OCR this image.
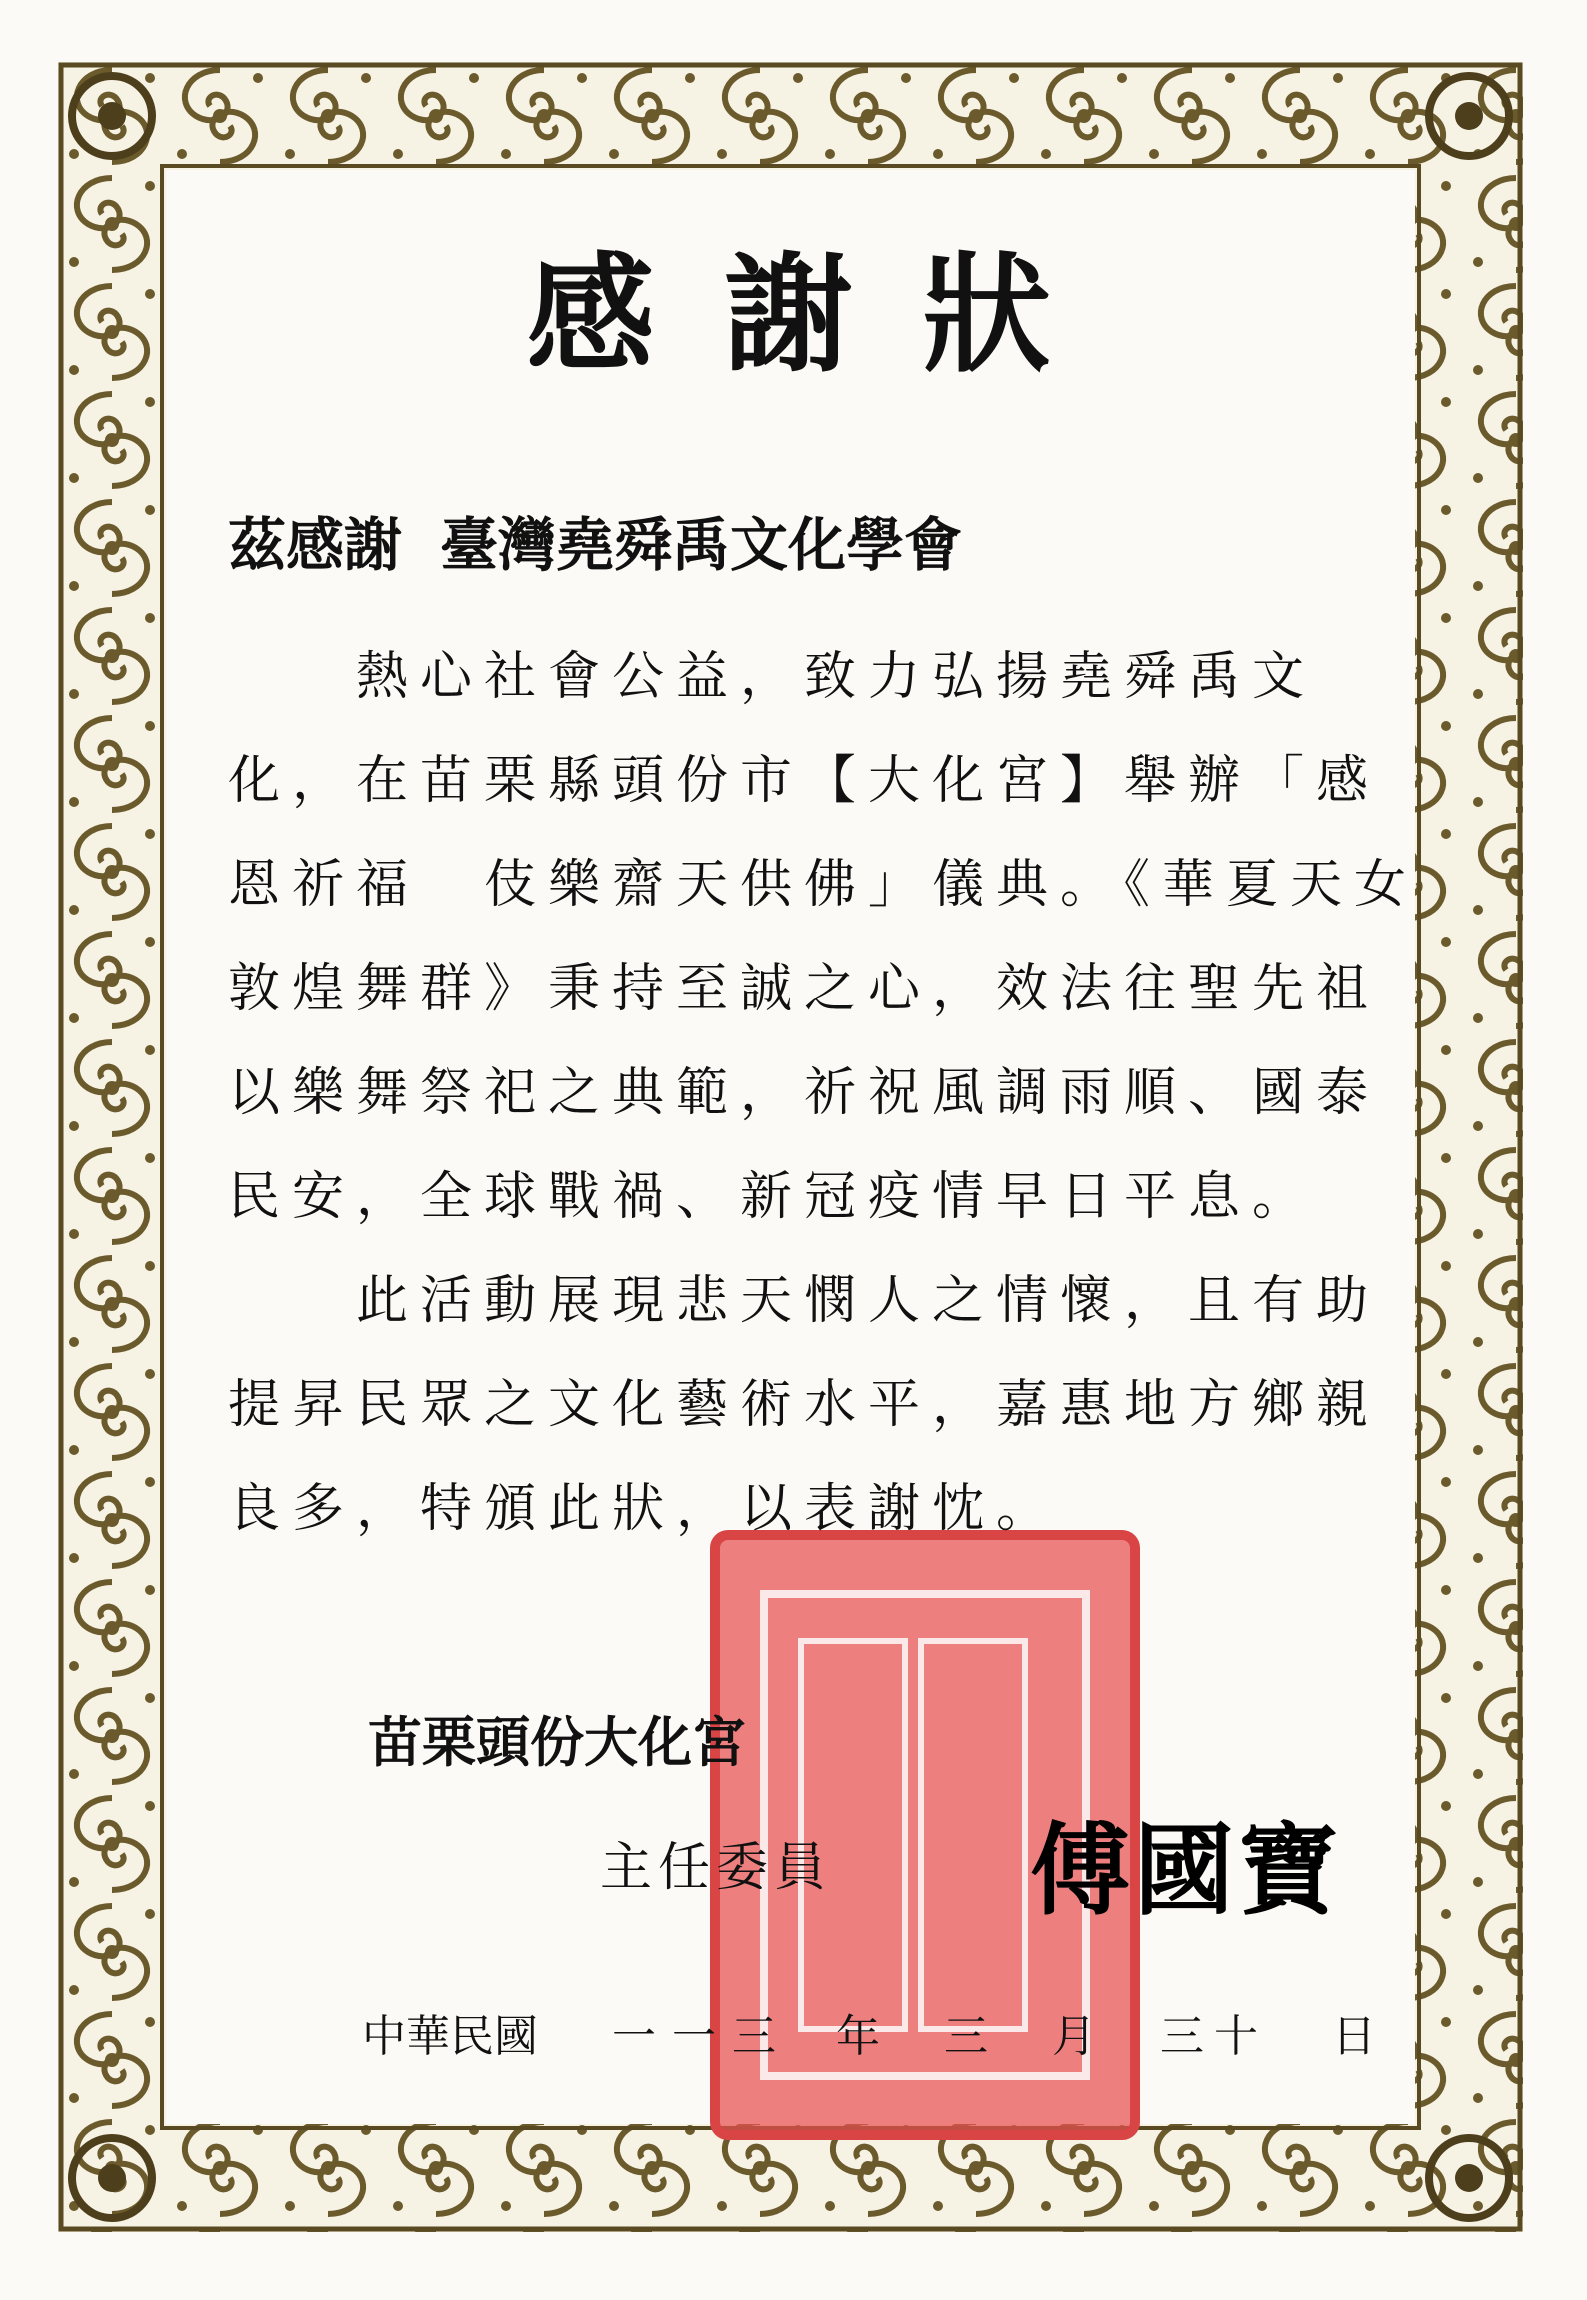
感謝狀
茲感謝 臺灣堯舜禹文化學會
　　熱心社會公益，致力弘揚堯舜禹文
化，在苗栗縣頭份市【大化宮】舉辦「感
恩祈福　伎樂齋天供佛」儀典。《華夏天女
敦煌舞群》秉持至誠之心，效法往聖先祖
以樂舞祭祀之典範，祈祝風調雨順、國泰
民安，全球戰禍、新冠疫情早日平息。
　　此活動展現悲天憫人之情懷，且有助
提昇民眾之文化藝術水平，嘉惠地方鄉親
良多，特頒此狀，以表謝忱。
苗栗頭份大化宮
主任委員 傅國寶
中華民國 一一三 年 三 月 三十 日
